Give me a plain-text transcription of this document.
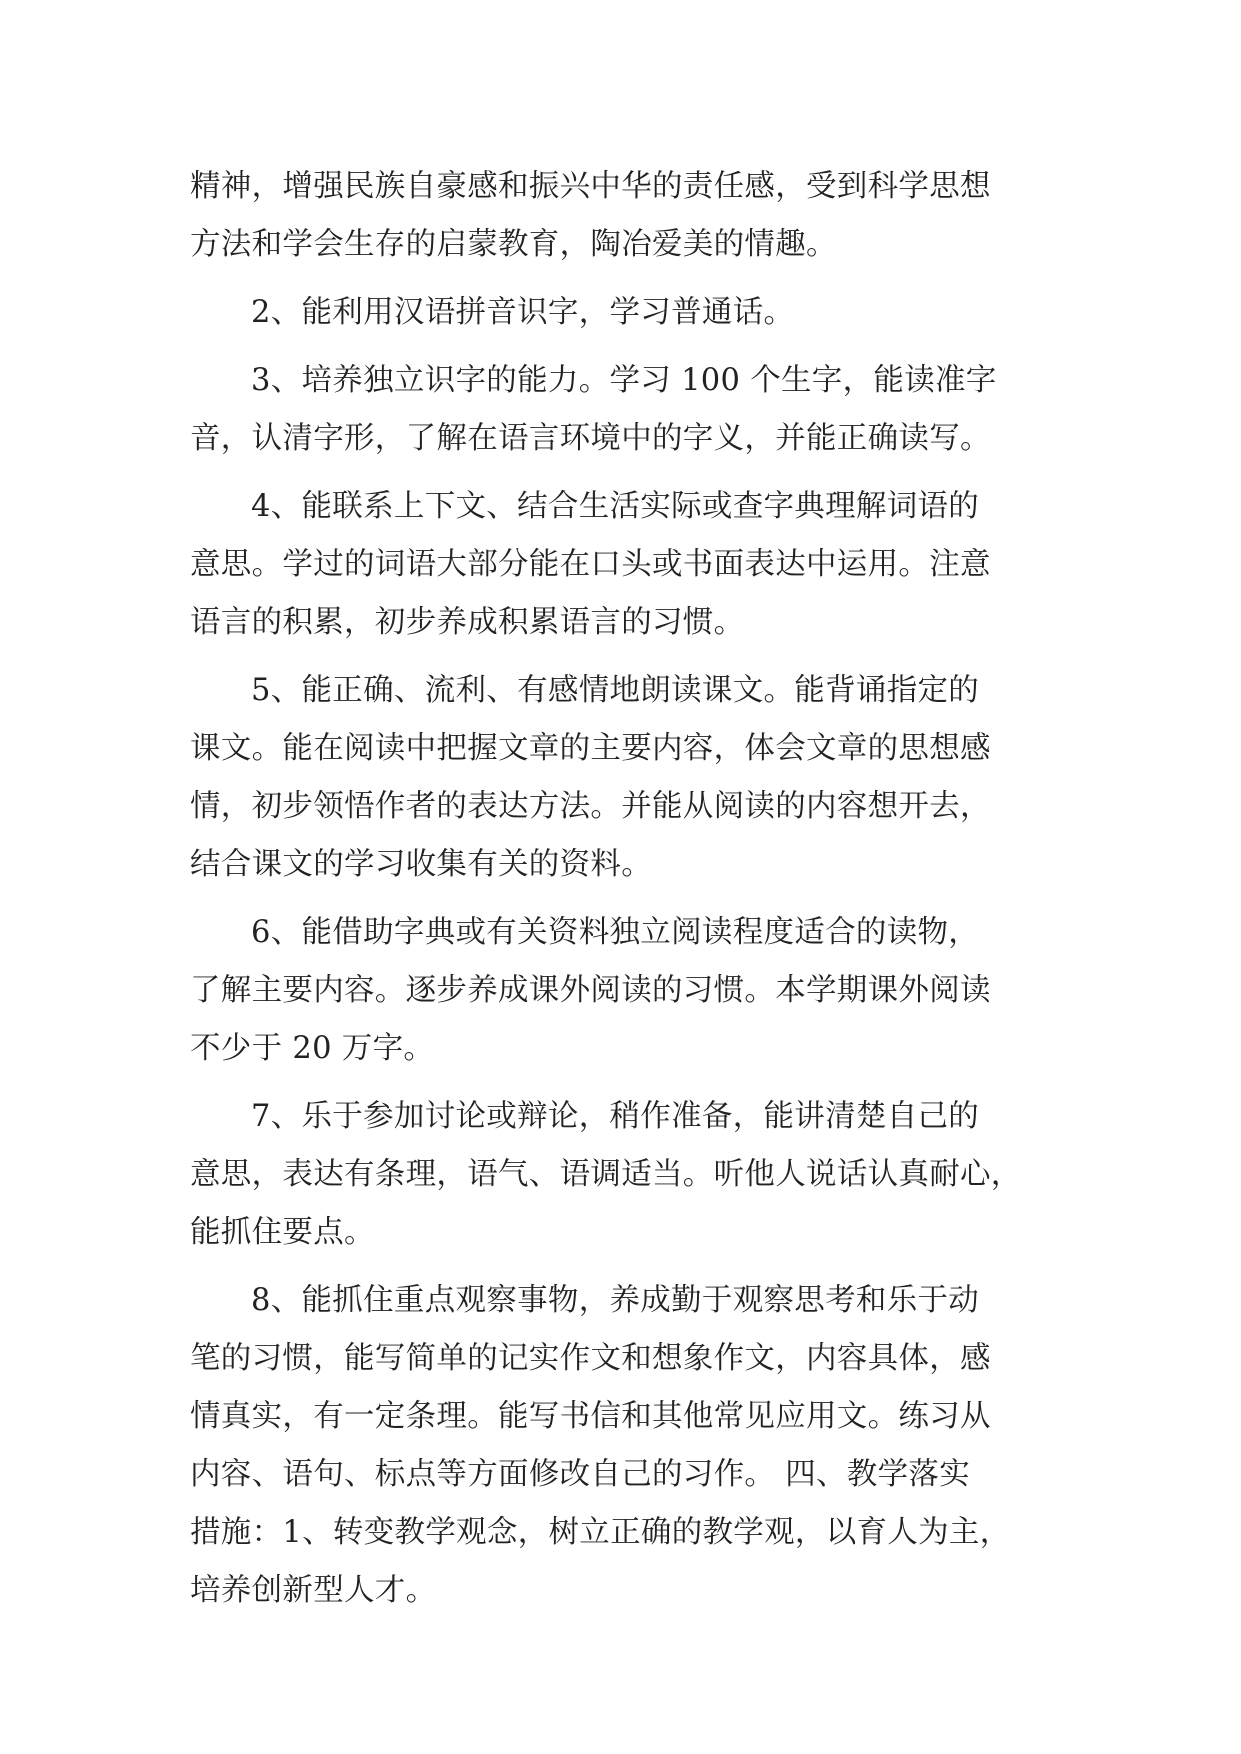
精神，增强民族自豪感和振兴中华的责任感，受到科学思想
方法和学会生存的启蒙教育，陶冶爱美的情趣。
2、能利用汉语拼音识字，学习普通话。
3、培养独立识字的能力。学习 100 个生字，能读准字
音，认清字形，了解在语言环境中的字义，并能正确读写。
4、能联系上下文、结合生活实际或查字典理解词语的
意思。学过的词语大部分能在口头或书面表达中运用。注意
语言的积累，初步养成积累语言的习惯。
5、能正确、流利、有感情地朗读课文。能背诵指定的
课文。能在阅读中把握文章的主要内容，体会文章的思想感
情，初步领悟作者的表达方法。并能从阅读的内容想开去，
结合课文的学习收集有关的资料。
6、能借助字典或有关资料独立阅读程度适合的读物，
了解主要内容。逐步养成课外阅读的习惯。本学期课外阅读
不少于 20 万字。
7、乐于参加讨论或辩论，稍作准备，能讲清楚自己的
意思，表达有条理，语气、语调适当。听他人说话认真耐心，
能抓住要点。
8、能抓住重点观察事物，养成勤于观察思考和乐于动
笔的习惯，能写简单的记实作文和想象作文，内容具体，感
情真实，有一定条理。能写书信和其他常见应用文。练习从
内容、语句、标点等方面修改自己的习作。 四、教学落实
措施：1、转变教学观念，树立正确的教学观，以育人为主，
培养创新型人才。
